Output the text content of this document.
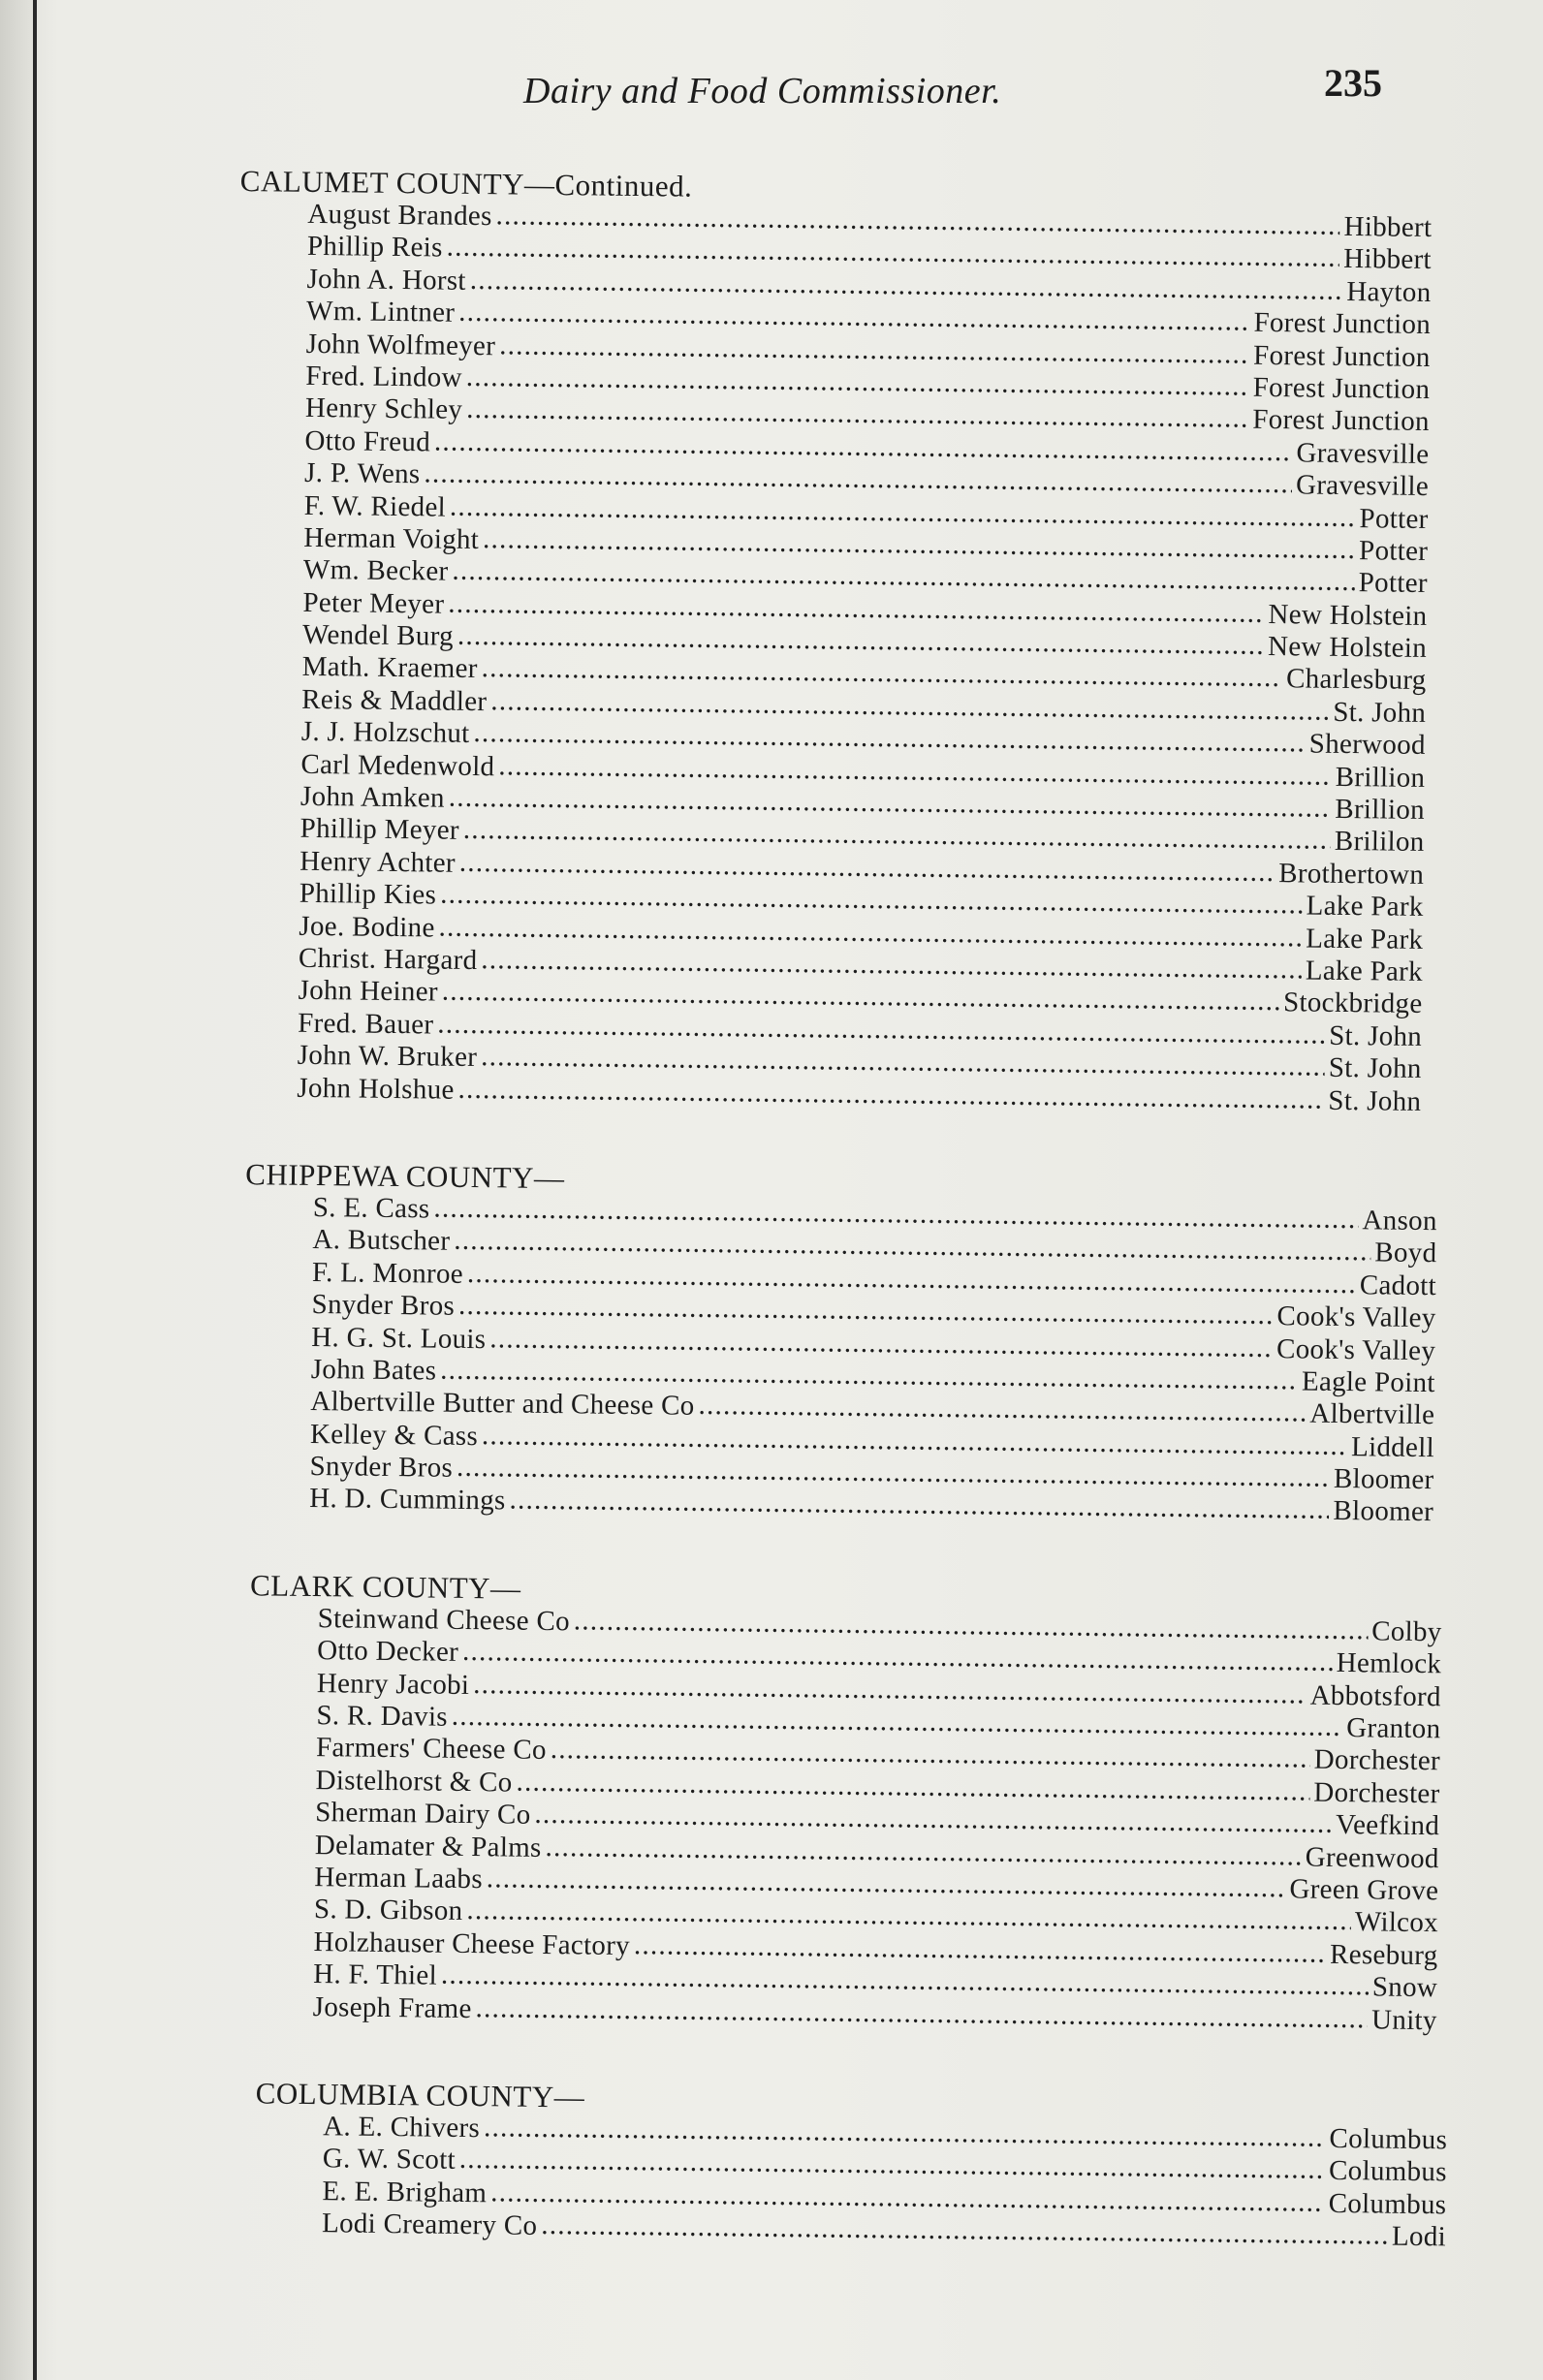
Dairy and Food Commissioner.	235
CALUMET COUNTY—Continued.
August Brandes . . .	Hibbert
Phillip Reis . . .	Hibbert
John A. Horst . . .	Hayton
Wm. Lintner . . .	Forest Junction
John Wolfmeyer . . .	Forest Junction
Fred. Lindow . . .	Forest Junction
Henry Schley . . .	Forest Junction
Otto Freud . . .	Gravesville
J. P. Wens . . .	Gravesville
F. W. Riedel . . .	Potter
Herman Voight . . .	Potter
Wm. Becker . . .	Potter
Peter Meyer . . .	New Holstein
Wendel Burg . . .	New Holstein
Math. Kraemer . . .	Charlesburg
Reis & Maddler . . .	St. John
J. J. Holzschut . . .	Sherwood
Carl Medenwold . . .	Brillion
John Amken . . .	Brillion
Phillip Meyer . . .	Brililon
Henry Achter . . .	Brothertown
Phillip Kies . . .	Lake Park
Joe. Bodine . . .	Lake Park
Christ. Hargard . . .	Lake Park
John Heiner . . .	Stockbridge
Fred. Bauer . . .	St. John
John W. Bruker . . .	St. John
John Holshue . . .	St. John
CHIPPEWA COUNTY—
S. E. Cass . . .	Anson
A. Butscher . . .	Boyd
F. L. Monroe . . .	Cadott
Snyder Bros . . .	Cook's Valley
H. G. St. Louis . . .	Cook's Valley
John Bates . . .	Eagle Point
Albertville Butter and Cheese Co . . .	Albertville
Kelley & Cass . . .	Liddell
Snyder Bros . . .	Bloomer
H. D. Cummings . . .	Bloomer
CLARK COUNTY—
Steinwand Cheese Co . . .	Colby
Otto Decker . . .	Hemlock
Henry Jacobi . . .	Abbotsford
S. R. Davis . . .	Granton
Farmers' Cheese Co . . .	Dorchester
Distelhorst & Co . . .	Dorchester
Sherman Dairy Co . . .	Veefkind
Delamater & Palms . . .	Greenwood
Herman Laabs . . .	Green Grove
S. D. Gibson . . .	Wilcox
Holzhauser Cheese Factory . . .	Reseburg
H. F. Thiel . . .	Snow
Joseph Frame . . .	Unity
COLUMBIA COUNTY—
A. E. Chivers . . .	Columbus
G. W. Scott . . .	Columbus
E. E. Brigham . . .	Columbus
Lodi Creamery Co . . .	Lodi
